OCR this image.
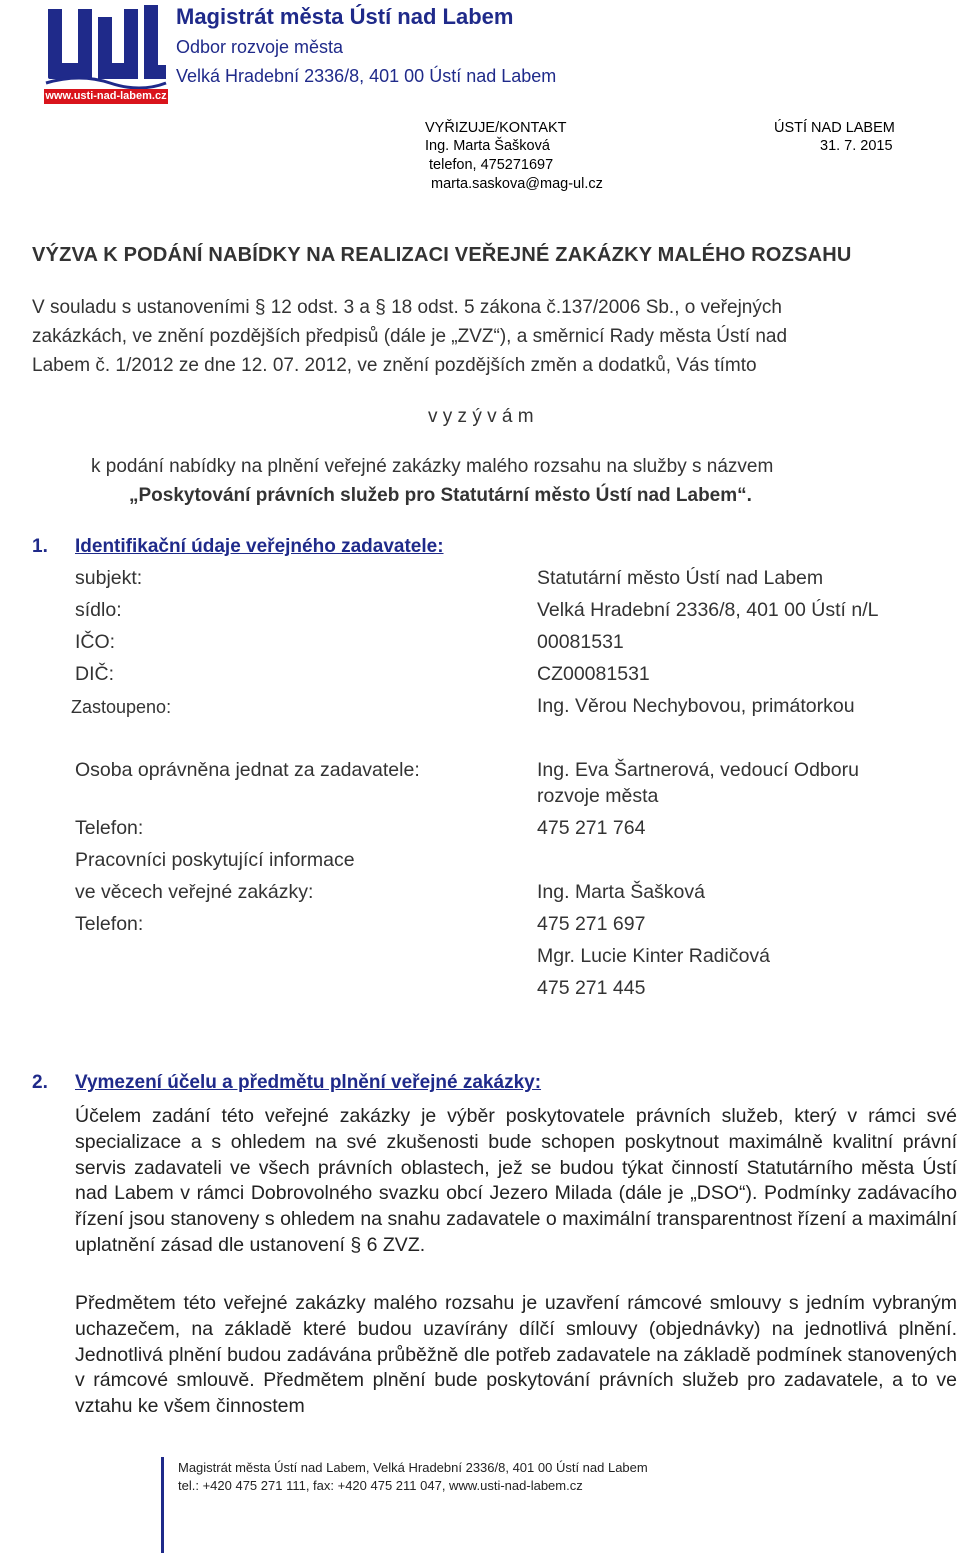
www.usti-nad-labem.cz
Magistrát města Ústí nad Labem
Odbor rozvoje města
Velká Hradební 2336/8, 401 00 Ústí nad Labem
VYŘIZUJE/KONTAKT
Ing. Marta Šašková
telefon, 475271697
marta.saskova@mag-ul.cz
ÚSTÍ NAD LABEM
31. 7. 2015
VÝZVA K PODÁNÍ NABÍDKY NA REALIZACI VEŘEJNÉ ZAKÁZKY MALÉHO ROZSAHU
V souladu s ustanoveními § 12 odst. 3 a § 18 odst. 5 zákona č.137/2006 Sb., o veřejných
zakázkách, ve znění pozdějších předpisů (dále je „ZVZ“), a směrnicí Rady města Ústí nad
Labem č. 1/2012 ze dne 12. 07. 2012, ve znění pozdějších změn a dodatků, Vás tímto
v y z ý v á m
k podání nabídky na plnění veřejné zakázky malého rozsahu na služby s názvem
„Poskytování právních služeb pro Statutární město Ústí nad Labem“.
1. Identifikační údaje veřejného zadavatele:
subjekt:	Statutární město Ústí nad Labem
sídlo:	Velká Hradební 2336/8, 401 00 Ústí n/L
IČO:	00081531
DIČ:	CZ00081531
Zastoupeno:	Ing. Věrou Nechybovou, primátorkou
Osoba oprávněna jednat za zadavatele:	Ing. Eva Šartnerová, vedoucí Odboru
rozvoje města
Telefon:	475 271 764
Pracovníci poskytující informace
ve věcech veřejné zakázky:	Ing. Marta Šašková
Telefon:	475 271 697
Mgr. Lucie Kinter Radičová
475 271 445
2. Vymezení účelu a předmětu plnění veřejné zakázky:
Účelem zadání této veřejné zakázky je výběr poskytovatele právních služeb, který v rámci své specializace a s ohledem na své zkušenosti bude schopen poskytnout maximálně kvalitní právní servis zadavateli ve všech právních oblastech, jež se budou týkat činností Statutárního města Ústí nad Labem v rámci Dobrovolného svazku obcí Jezero Milada (dále je „DSO“). Podmínky zadávacího řízení jsou stanoveny s ohledem na snahu zadavatele o maximální transparentnost řízení a maximální uplatnění zásad dle ustanovení § 6 ZVZ.
Předmětem této veřejné zakázky malého rozsahu je uzavření rámcové smlouvy s jedním vybraným uchazečem, na základě které budou uzavírány dílčí smlouvy (objednávky) na jednotlivá plnění. Jednotlivá plnění budou zadávána průběžně dle potřeb zadavatele na základě podmínek stanovených v rámcové smlouvě. Předmětem plnění bude poskytování právních služeb pro zadavatele, a to ve vztahu ke všem činnostem
Magistrát města Ústí nad Labem, Velká Hradební 2336/8, 401 00 Ústí nad Labem
tel.: +420 475 271 111, fax: +420 475 211 047, www.usti-nad-labem.cz
